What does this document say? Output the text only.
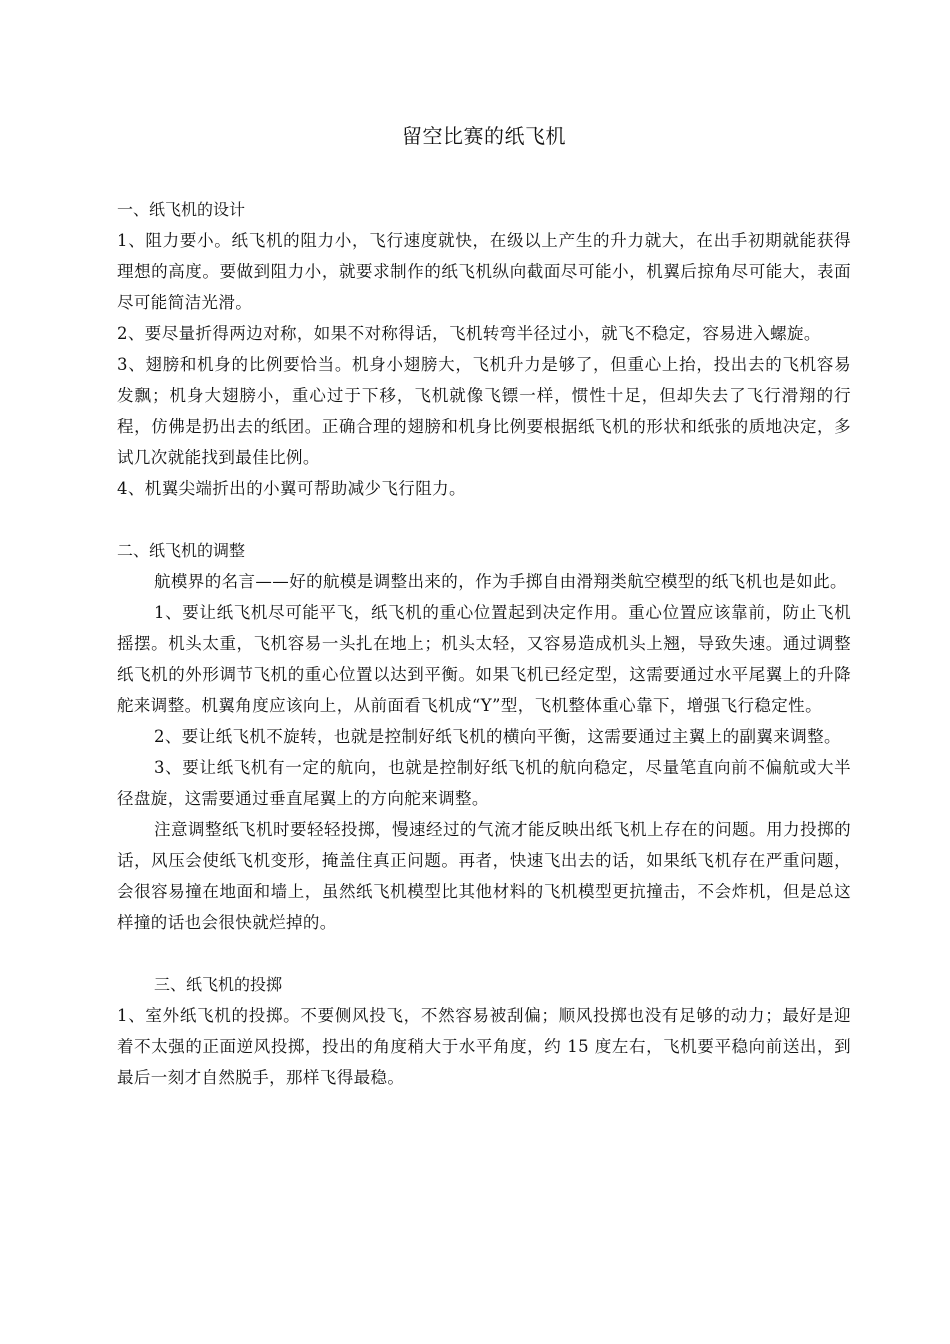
留空比赛的纸飞机
一、纸飞机的设计

1、阻力要小。纸飞机的阻力小，飞行速度就快，在级以上产生的升力就大，在出手初期就能获得理想的高度。要做到阻力小，就要求制作的纸飞机纵向截面尽可能小，机翼后掠角尽可能大，表面尽可能简洁光滑。

2、要尽量折得两边对称，如果不对称得话，飞机转弯半径过小，就飞不稳定，容易进入螺旋。

3、翅膀和机身的比例要恰当。机身小翅膀大，飞机升力是够了，但重心上抬，投出去的飞机容易发飘；机身大翅膀小，重心过于下移，飞机就像飞镖一样，惯性十足，但却失去了飞行滑翔的行程，仿佛是扔出去的纸团。正确合理的翅膀和机身比例要根据纸飞机的形状和纸张的质地决定，多试几次就能找到最佳比例。

4、机翼尖端折出的小翼可帮助减少飞行阻力。

二、纸飞机的调整

航模界的名言——好的航模是调整出来的，作为手掷自由滑翔类航空模型的纸飞机也是如此。

1、要让纸飞机尽可能平飞，纸飞机的重心位置起到决定作用。重心位置应该靠前，防止飞机摇摆。机头太重，飞机容易一头扎在地上；机头太轻，又容易造成机头上翘，导致失速。通过调整纸飞机的外形调节飞机的重心位置以达到平衡。如果飞机已经定型，这需要通过水平尾翼上的升降舵来调整。机翼角度应该向上，从前面看飞机成“Y”型，飞机整体重心靠下，增强飞行稳定性。

2、要让纸飞机不旋转，也就是控制好纸飞机的横向平衡，这需要通过主翼上的副翼来调整。

3、要让纸飞机有一定的航向，也就是控制好纸飞机的航向稳定，尽量笔直向前不偏航或大半径盘旋，这需要通过垂直尾翼上的方向舵来调整。

注意调整纸飞机时要轻轻投掷，慢速经过的气流才能反映出纸飞机上存在的问题。用力投掷的话，风压会使纸飞机变形，掩盖住真正问题。再者，快速飞出去的话，如果纸飞机存在严重问题，会很容易撞在地面和墙上，虽然纸飞机模型比其他材料的飞机模型更抗撞击，不会炸机，但是总这样撞的话也会很快就烂掉的。

三、纸飞机的投掷

1、室外纸飞机的投掷。不要侧风投飞，不然容易被刮偏；顺风投掷也没有足够的动力；最好是迎着不太强的正面逆风投掷，投出的角度稍大于水平角度，约 15 度左右，飞机要平稳向前送出，到最后一刻才自然脱手，那样飞得最稳。
